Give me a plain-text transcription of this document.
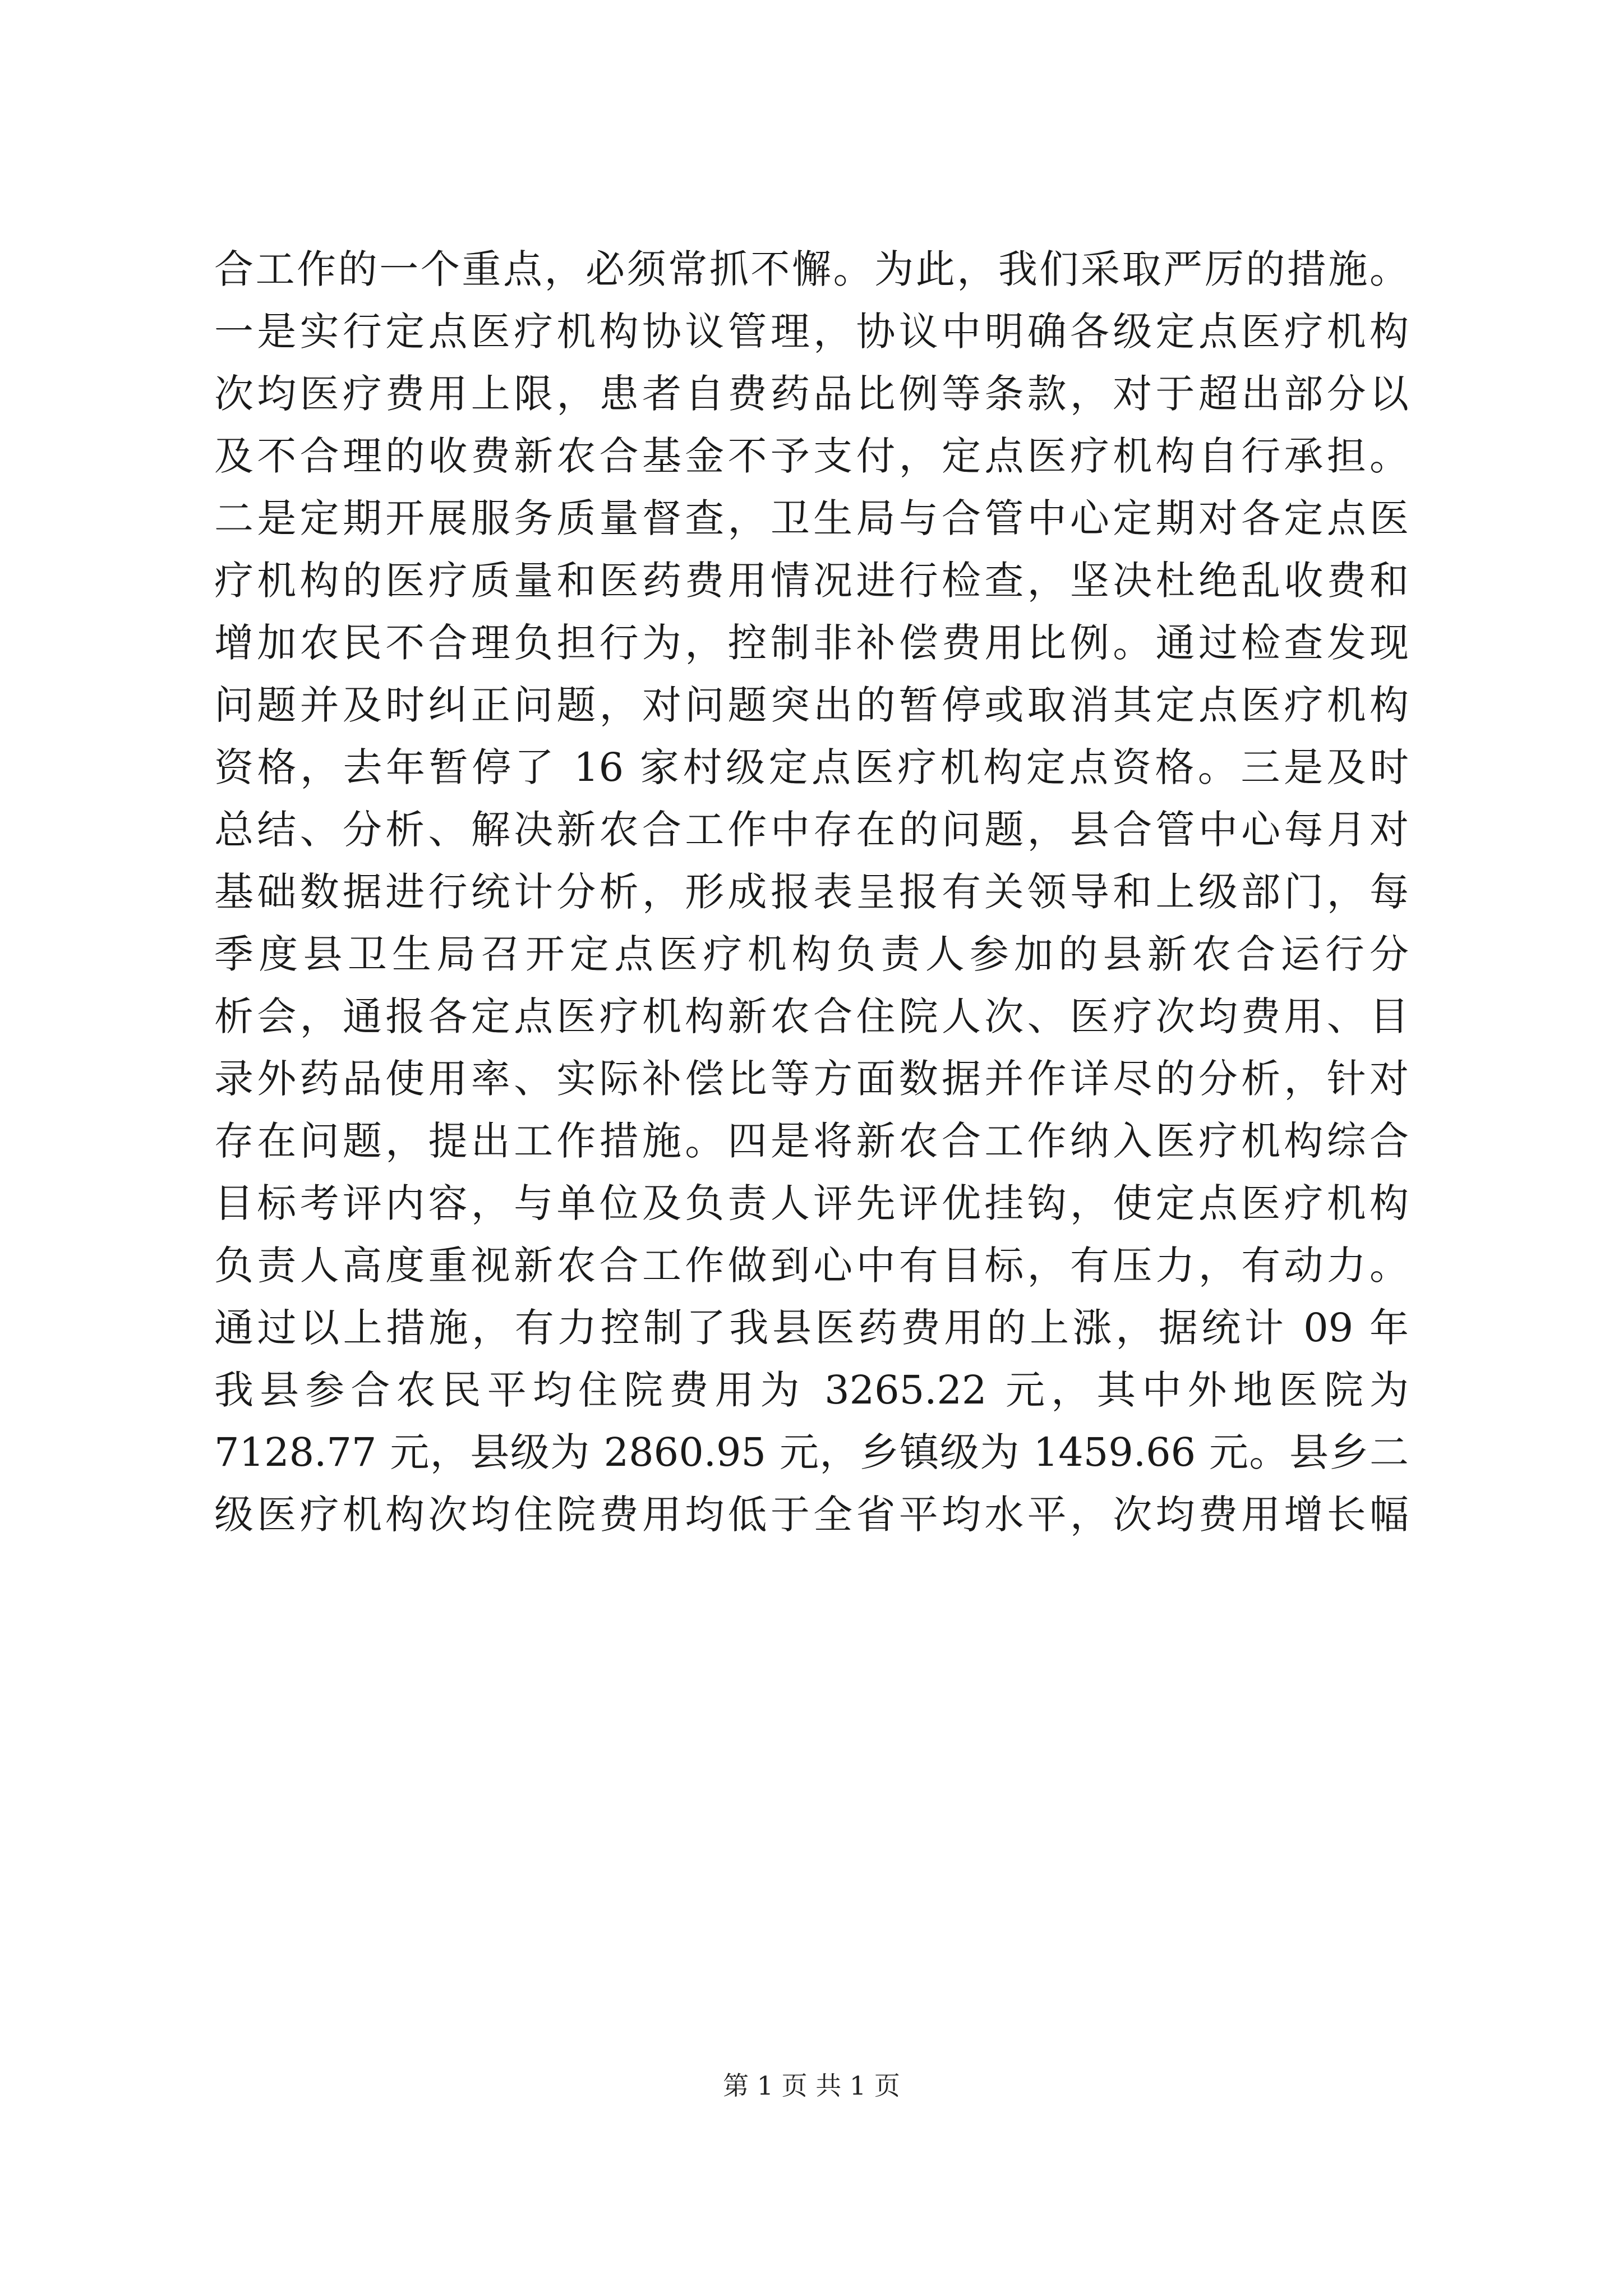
合工作的一个重点，必须常抓不懈。为此，我们采取严厉的措施。
一是实行定点医疗机构协议管理，协议中明确各级定点医疗机构
次均医疗费用上限，患者自费药品比例等条款，对于超出部分以
及不合理的收费新农合基金不予支付，定点医疗机构自行承担。
二是定期开展服务质量督查，卫生局与合管中心定期对各定点医
疗机构的医疗质量和医药费用情况进行检查，坚决杜绝乱收费和
增加农民不合理负担行为，控制非补偿费用比例。通过检查发现
问题并及时纠正问题，对问题突出的暂停或取消其定点医疗机构
资格，去年暂停了 16 家村级定点医疗机构定点资格。三是及时
总结、分析、解决新农合工作中存在的问题，县合管中心每月对
基础数据进行统计分析，形成报表呈报有关领导和上级部门，每
季度县卫生局召开定点医疗机构负责人参加的县新农合运行分
析会，通报各定点医疗机构新农合住院人次、医疗次均费用、目
录外药品使用率、实际补偿比等方面数据并作详尽的分析，针对
存在问题，提出工作措施。四是将新农合工作纳入医疗机构综合
目标考评内容，与单位及负责人评先评优挂钩，使定点医疗机构
负责人高度重视新农合工作做到心中有目标，有压力，有动力。
通过以上措施，有力控制了我县医药费用的上涨，据统计 09 年
我县参合农民平均住院费用为 3265.22 元，其中外地医院为
7128.77 元，县级为 2860.95 元，乡镇级为 1459.66 元。县乡二
级医疗机构次均住院费用均低于全省平均水平，次均费用增长幅
第 1 页 共 1 页
